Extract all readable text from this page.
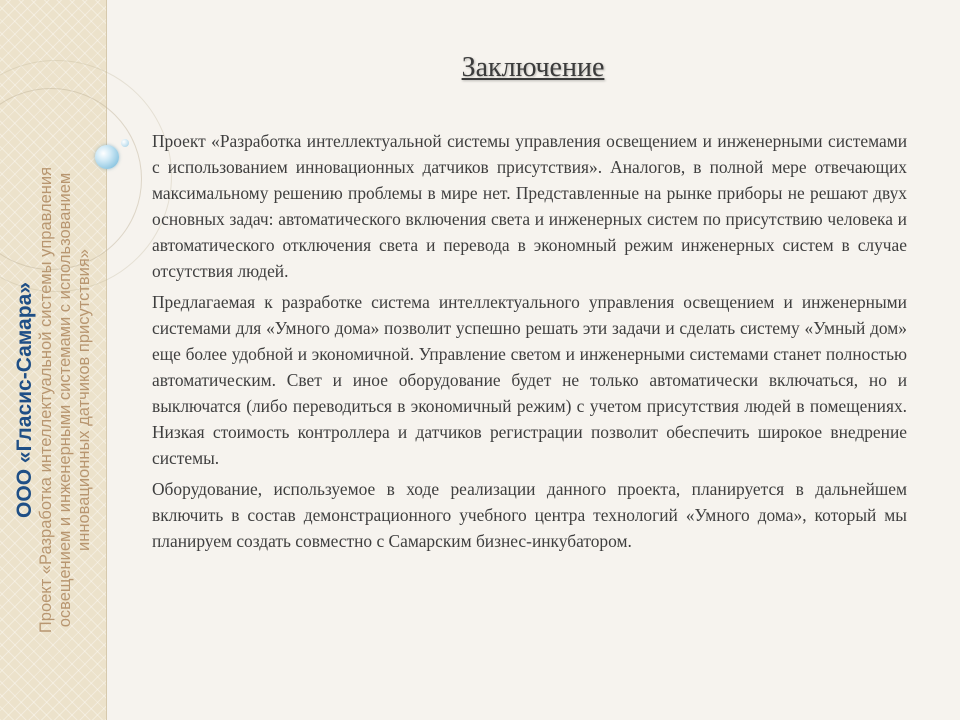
ООО «Гласис-Самара» Проект «Разработка интеллектуальной системы управления освещением и инженерными системами с использованием инновационных датчиков присутствия»
Заключение

Проект «Разработка интеллектуальной системы управления освещением и инженерными системами с использованием инновационных датчиков присутствия». Аналогов, в полной мере отвечающих максимальному решению проблемы в мире нет. Представленные на рынке приборы не решают двух основных задач: автоматического включения света и инженерных систем по присутствию человека и автоматического отключения света и перевода в экономный режим инженерных систем в случае отсутствия людей.

Предлагаемая к разработке система интеллектуального управления освещением и инженерными системами для «Умного дома» позволит успешно решать эти задачи и сделать систему «Умный дом» еще более удобной и экономичной. Управление светом и инженерными системами станет полностью автоматическим. Свет и иное оборудование будет не только автоматически включаться, но и выключатся (либо переводиться в экономичный режим) с учетом присутствия людей в помещениях. Низкая стоимость контроллера и датчиков регистрации позволит обеспечить широкое внедрение системы.

Оборудование, используемое в ходе реализации данного проекта, планируется в дальнейшем включить в состав демонстрационного учебного центра технологий «Умного дома», который мы планируем создать совместно с Самарским бизнес-инкубатором.
